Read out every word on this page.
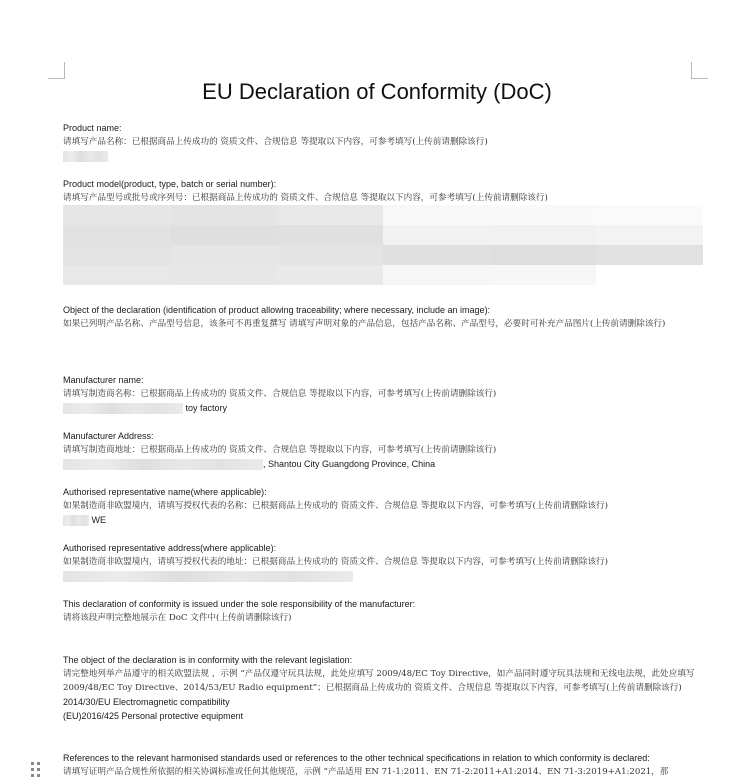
EU Declaration of Conformity (DoC)
Product name:
请填写产品名称：已根据商品上传成功的 资质文件、合规信息 等提取以下内容，可参考填写(上传前请删除该行)
Product model(product, type, batch or serial number):
请填写产品型号或批号或序列号：已根据商品上传成功的 资质文件、合规信息 等提取以下内容，可参考填写(上传前请删除该行)
Object of the declaration (identification of product allowing traceability; where necessary, include an image):
如果已列明产品名称、产品型号信息，该条可不再重复撰写 请填写声明对象的产品信息，包括产品名称、产品型号，必要时可补充产品图片(上传前请删除该行)
Manufacturer name:
请填写制造商名称：已根据商品上传成功的 资质文件、合规信息 等提取以下内容，可参考填写(上传前请删除该行)
toy factory
Manufacturer Address:
请填写制造商地址：已根据商品上传成功的 资质文件、合规信息 等提取以下内容，可参考填写(上传前请删除该行)
, Shantou City Guangdong Province, China
Authorised representative name(where applicable):
如果制造商非欧盟境内，请填写授权代表的名称：已根据商品上传成功的 资质文件、合规信息 等提取以下内容，可参考填写(上传前请删除该行)
WE
Authorised representative address(where applicable):
如果制造商非欧盟境内，请填写授权代表的地址：已根据商品上传成功的 资质文件、合规信息 等提取以下内容，可参考填写(上传前请删除该行)
This declaration of conformity is issued under the sole responsibility of the manufacturer:
请将该段声明完整地展示在 DoC 文件中(上传前请删除该行)
The object of the declaration is in conformity with the relevant legislation:
请完整地列举产品遵守的相关欧盟法规 ，示例 “产品仅遵守玩具法规，此处应填写 2009/48/EC Toy Directive，如产品同时遵守玩具法规和无线电法规，此处应填写 2009/48/EC Toy Directive、2014/53/EU Radio equipment”；已根据商品上传成功的 资质文件、合规信息 等提取以下内容，可参考填写(上传前请删除该行)
2014/30/EU Electromagnetic compatibility
(EU)2016/425 Personal protective equipment
References to the relevant harmonised standards used or references to the other technical specifications in relation to which conformity is declared:
请填写证明产品合规性所依据的相关协调标准或任何其他规范，示例 “产品适用 EN 71-1:2011、EN 71-2:2011+A1:2014、EN 71-3:2019+A1:2021，那
